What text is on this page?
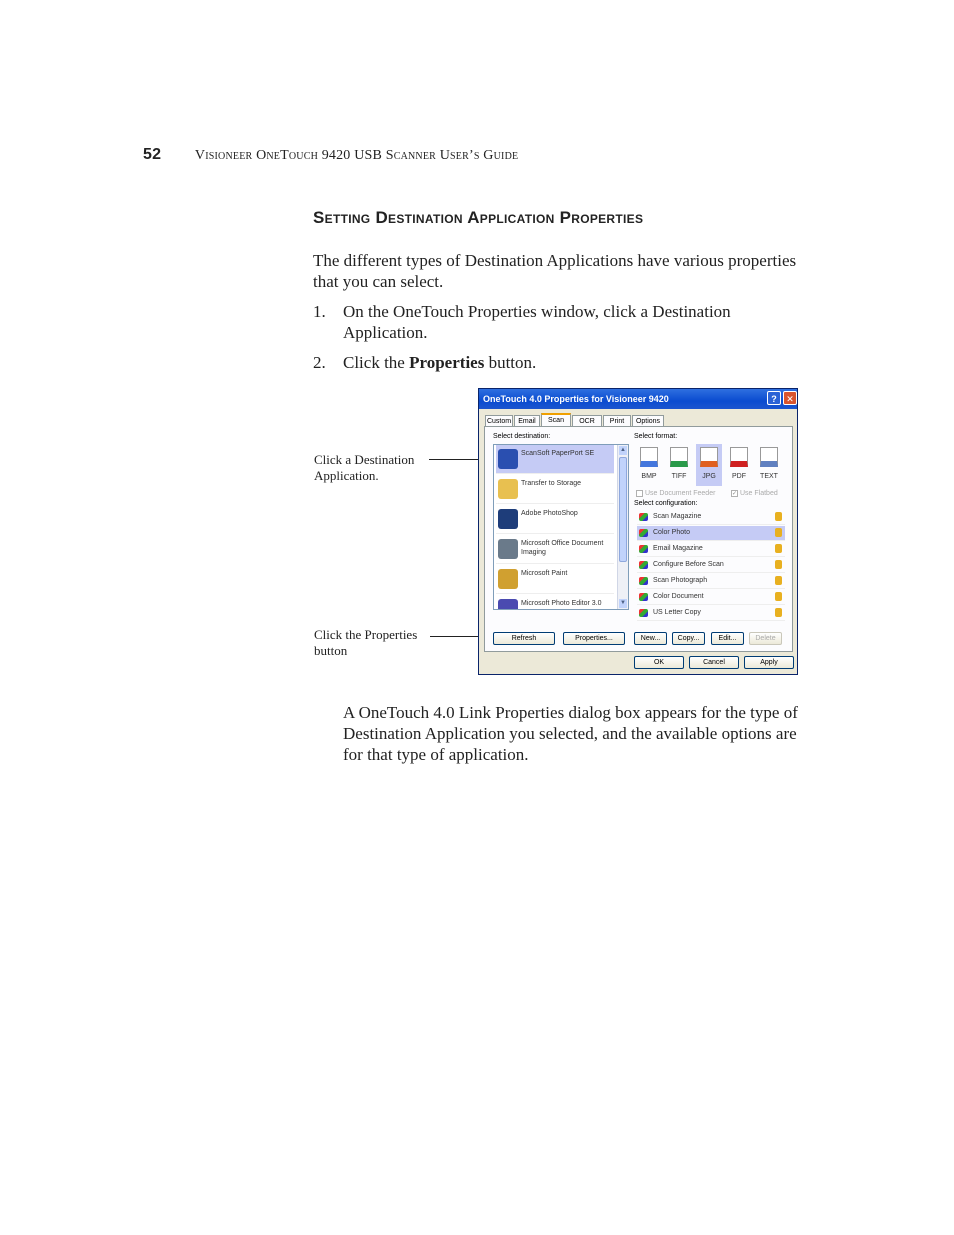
52 Visioneer OneTouch 9420 USB Scanner User’s Guide
Setting Destination Application Properties
The different types of Destination Applications have various properties that you can select.
1. On the OneTouch Properties window, click a Destination Application.
2. Click the Properties button.
Click a Destination Application.
Click the Properties button
OneTouch 4.0 Properties for Visioneer 9420	?	✕
Custom	Email	Scan	OCR	Print	Options
Select destination:
ScanSoft PaperPort SE
Transfer to Storage
Adobe PhotoShop
Microsoft Office Document Imaging
Microsoft Paint
Microsoft Photo Editor 3.0
▲
▼
Select format:
BMP	TIFF	JPG	PDF	TEXT
Use Document Feeder	✓ Use Flatbed
Select configuration:
Scan Magazine
Color Photo
Email Magazine
Configure Before Scan
Scan Photograph
Color Document
US Letter Copy
Refresh	Properties...	New...	Copy...	Edit...	Delete
OK	Cancel	Apply
A OneTouch 4.0 Link Properties dialog box appears for the type of Destination Application you selected, and the available options are for that type of application.
